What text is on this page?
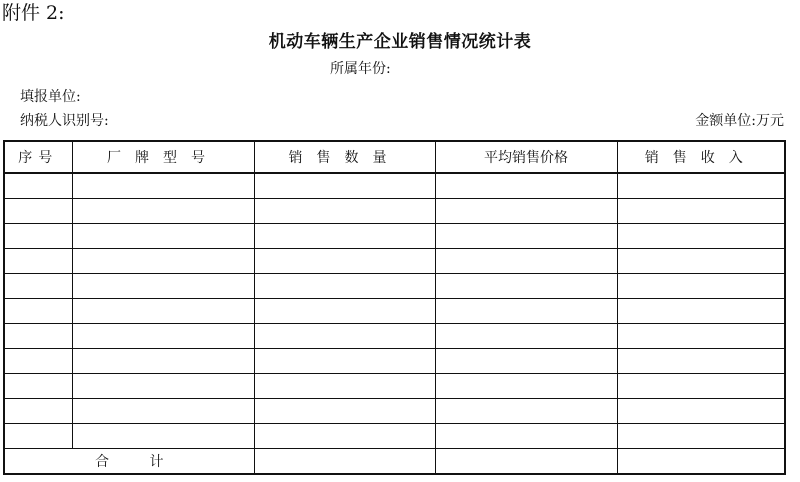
附件 2:
机动车辆生产企业销售情况统计表
所属年份:
填报单位:
纳税人识别号:	金额单位:万元
序号	厂牌型号	销售数量	平均销售价格	销售收入

合 计				
